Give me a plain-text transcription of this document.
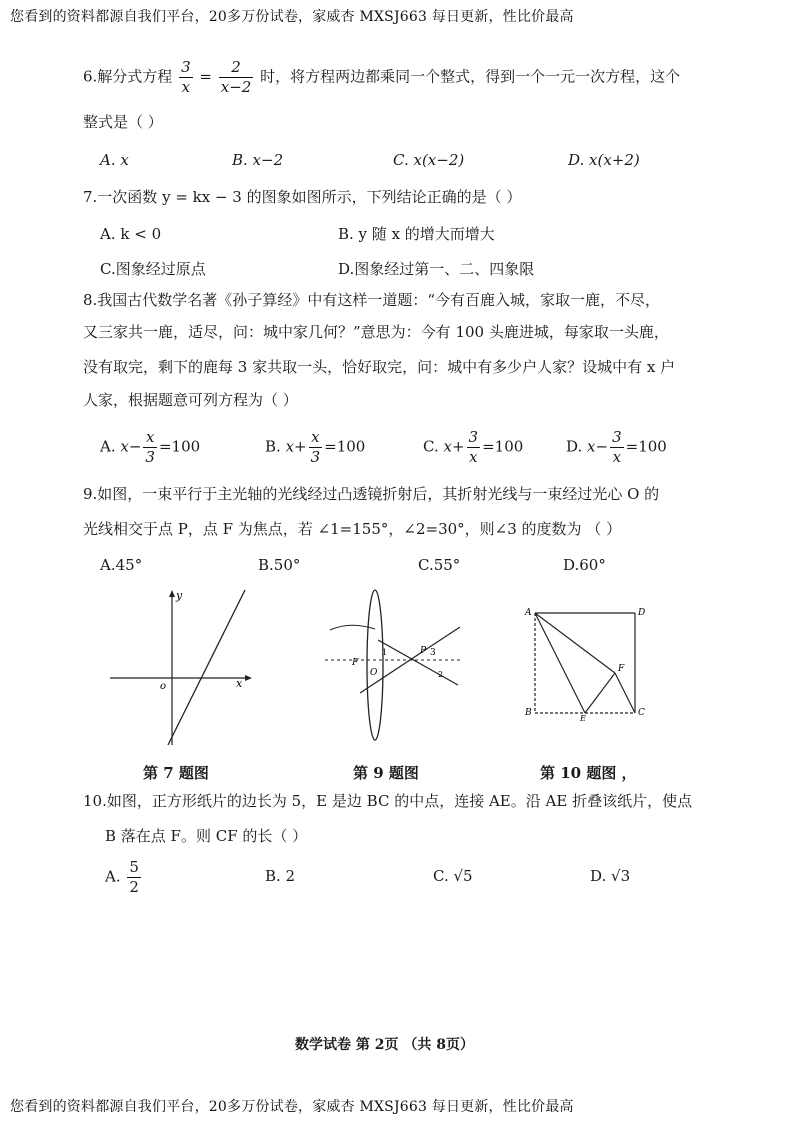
您看到的资料都源自我们平台，20多万份试卷，家威杏 MXSJ663 每日更新，性比价最高
6.解分式方程 $\frac{3}{x} = \frac{2}{x-2}$ 时，将方程两边都乘同一个整式，得到一个一元一次方程，这个
整式是（ ）
A. x	B. x−2	C. x(x−2)	D. x(x+2)
7.一次函数 y = kx − 3 的图象如图所示，下列结论正确的是（ ）
A. k < 0	B. y 随 x 的增大而增大
C.图象经过原点	D.图象经过第一、二、四象限
8.我国古代数学名著《孙子算经》中有这样一道题：“今有百鹿入城，家取一鹿，不尽，
又三家共一鹿，适尽，问：城中家几何？”意思为：今有 100 头鹿进城，每家取一头鹿，
没有取完，剩下的鹿每 3 家共取一头，恰好取完，问：城中有多少户人家？设城中有 x 户
人家，根据题意可列方程为（ ）
A. $x- \frac{x}{3} =100$	B. $x+ \frac{x}{3} =100$	C. $x+ \frac{3}{x} =100$	D. $x- \frac{3}{x} =100$
9.如图，一束平行于主光轴的光线经过凸透镜折射后，其折射光线与一束经过光心 O 的
光线相交于点 P，点 F 为焦点，若 ∠1=155°，∠2=30°，则∠3 的度数为 （ ）
A.45°	B.50°	C.55°	D.60°
y
x
o
P 3
O
F
1
2
A	D
B	C
E
F
第 7 题图	第 9 题图	第 10 题图 ，
10.如图，正方形纸片的边长为 5，E 是边 BC 的中点，连接 AE。沿 AE 折叠该纸片，使点
B 落在点 F。则 CF 的长（ ）
A. $\frac{5}{2}$	B. 2	C. √5	D. √3
数学试卷 第 2页 （共 8页）
您看到的资料都源自我们平台，20多万份试卷，家威杏 MXSJ663 每日更新，性比价最高
